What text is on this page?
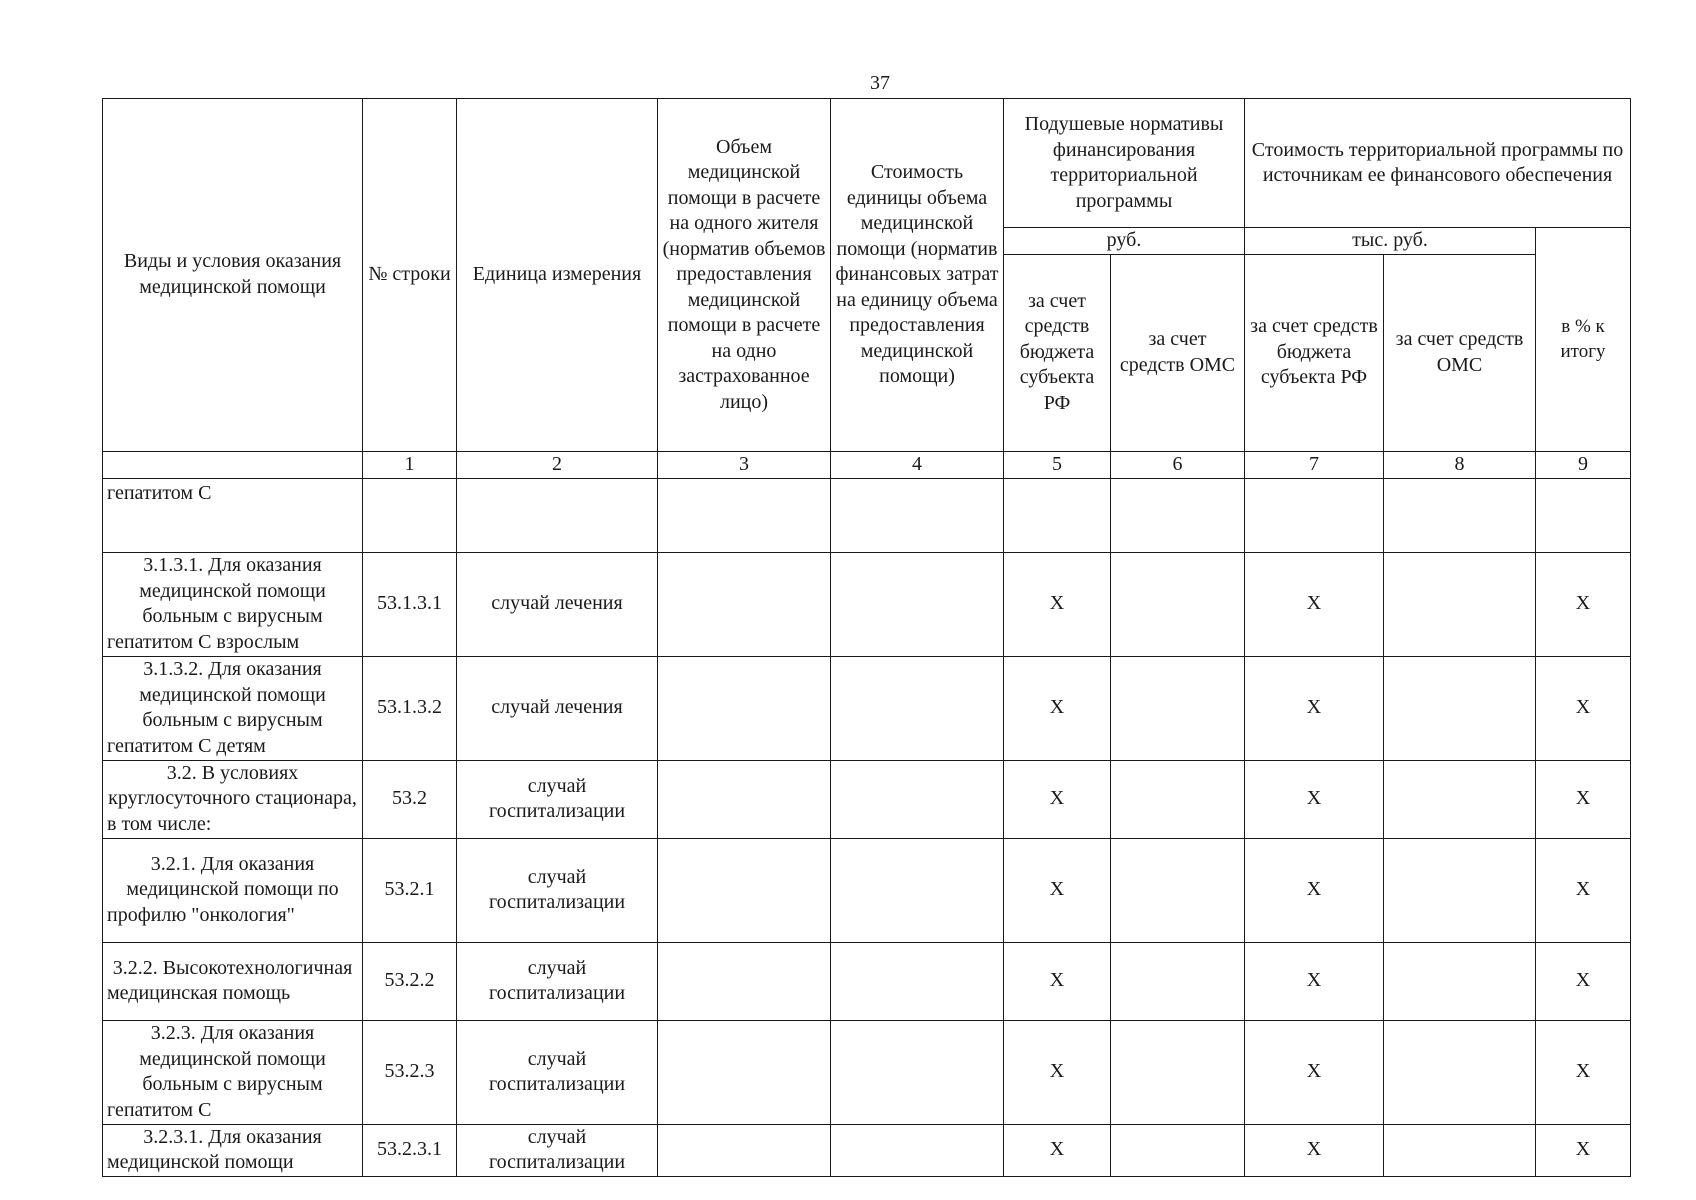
37
Виды и условия оказания медицинской помощи	№ строки	Единица измерения	Объем медицинской помощи в расчете на одного жителя (норматив объемов предоставления медицинской помощи в расчете на одно застрахованное лицо)	Стоимость единицы объема медицинской помощи (норматив финансовых затрат на единицу объема предоставления медицинской помощи)	Подушевые нормативы финансирования территориальной программы		Стоимость территориальной программы по источникам ее финансового обеспечения		
					руб.		тыс. руб.		в % к итогу
					за счет средств бюджета субъекта РФ	за счет средств ОМС	за счет средств бюджета субъекта РФ	за счет средств ОМС	

	1	2	3	4	5	6	7	8	9
гепатитом С									
3.1.3.1. Для оказания медицинской помощи больным с вирусным гепатитом С взрослым	53.1.3.1	случай лечения			X		X		X
3.1.3.2. Для оказания медицинской помощи больным с вирусным гепатитом С детям	53.1.3.2	случай лечения			X		X		X
3.2. В условиях круглосуточного стационара, в том числе:	53.2	случай госпитализации			X		X		X
3.2.1. Для оказания медицинской помощи по профилю "онкология"	53.2.1	случай госпитализации			X		X		X
3.2.2. Высокотехнологичная медицинская помощь	53.2.2	случай госпитализации			X		X		X
3.2.3. Для оказания медицинской помощи больным с вирусным гепатитом С	53.2.3	случай госпитализации			X		X		X
3.2.3.1. Для оказания медицинской помощи	53.2.3.1	случай госпитализации			X		X		X
